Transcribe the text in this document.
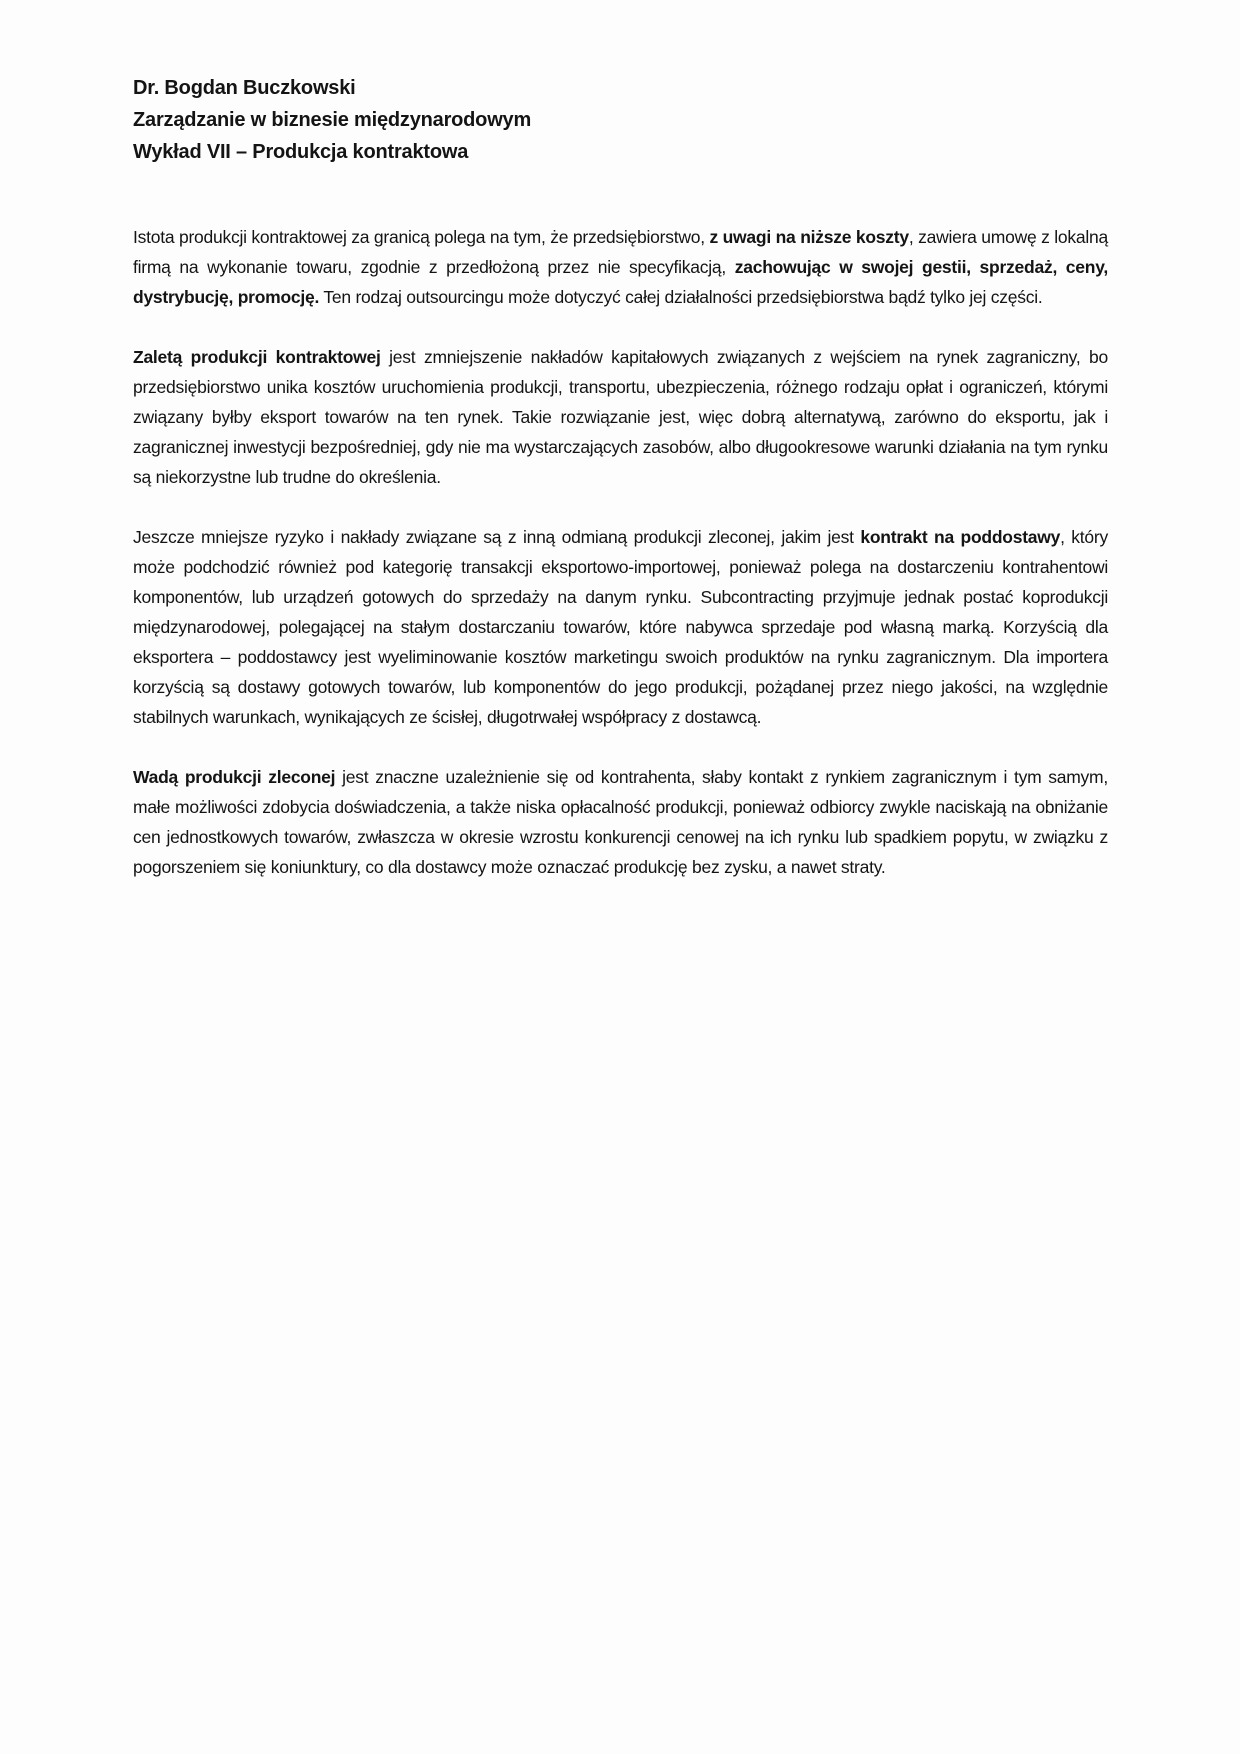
Dr. Bogdan Buczkowski
Zarządzanie w biznesie międzynarodowym
Wykład VII – Produkcja kontraktowa

Istota produkcji kontraktowej za granicą polega na tym, że przedsiębiorstwo, z uwagi na niższe koszty, zawiera umowę z lokalną firmą na wykonanie towaru, zgodnie z przedłożoną przez nie specyfikacją, zachowując w swojej gestii, sprzedaż, ceny, dystrybucję, promocję. Ten rodzaj outsourcingu może dotyczyć całej działalności przedsiębiorstwa bądź tylko jej części.

Zaletą produkcji kontraktowej jest zmniejszenie nakładów kapitałowych związanych z wejściem na rynek zagraniczny, bo przedsiębiorstwo unika kosztów uruchomienia produkcji, transportu, ubezpieczenia, różnego rodzaju opłat i ograniczeń, którymi związany byłby eksport towarów na ten rynek. Takie rozwiązanie jest, więc dobrą alternatywą, zarówno do eksportu, jak i zagranicznej inwestycji bezpośredniej, gdy nie ma wystarczających zasobów, albo długookresowe warunki działania na tym rynku są niekorzystne lub trudne do określenia.

Jeszcze mniejsze ryzyko i nakłady związane są z inną odmianą produkcji zleconej, jakim jest kontrakt na poddostawy, który może podchodzić również pod kategorię transakcji eksportowo-importowej, ponieważ polega na dostarczeniu kontrahentowi komponentów, lub urządzeń gotowych do sprzedaży na danym rynku. Subcontracting przyjmuje jednak postać koprodukcji międzynarodowej, polegającej na stałym dostarczaniu towarów, które nabywca sprzedaje pod własną marką. Korzyścią dla eksportera – poddostawcy jest wyeliminowanie kosztów marketingu swoich produktów na rynku zagranicznym. Dla importera korzyścią są dostawy gotowych towarów, lub komponentów do jego produkcji, pożądanej przez niego jakości, na względnie stabilnych warunkach, wynikających ze ścisłej, długotrwałej współpracy z dostawcą.

Wadą produkcji zleconej jest znaczne uzależnienie się od kontrahenta, słaby kontakt z rynkiem zagranicznym i tym samym, małe możliwości zdobycia doświadczenia, a także niska opłacalność produkcji, ponieważ odbiorcy zwykle naciskają na obniżanie cen jednostkowych towarów, zwłaszcza w okresie wzrostu konkurencji cenowej na ich rynku lub spadkiem popytu, w związku z pogorszeniem się koniunktury, co dla dostawcy może oznaczać produkcję bez zysku, a nawet straty.
